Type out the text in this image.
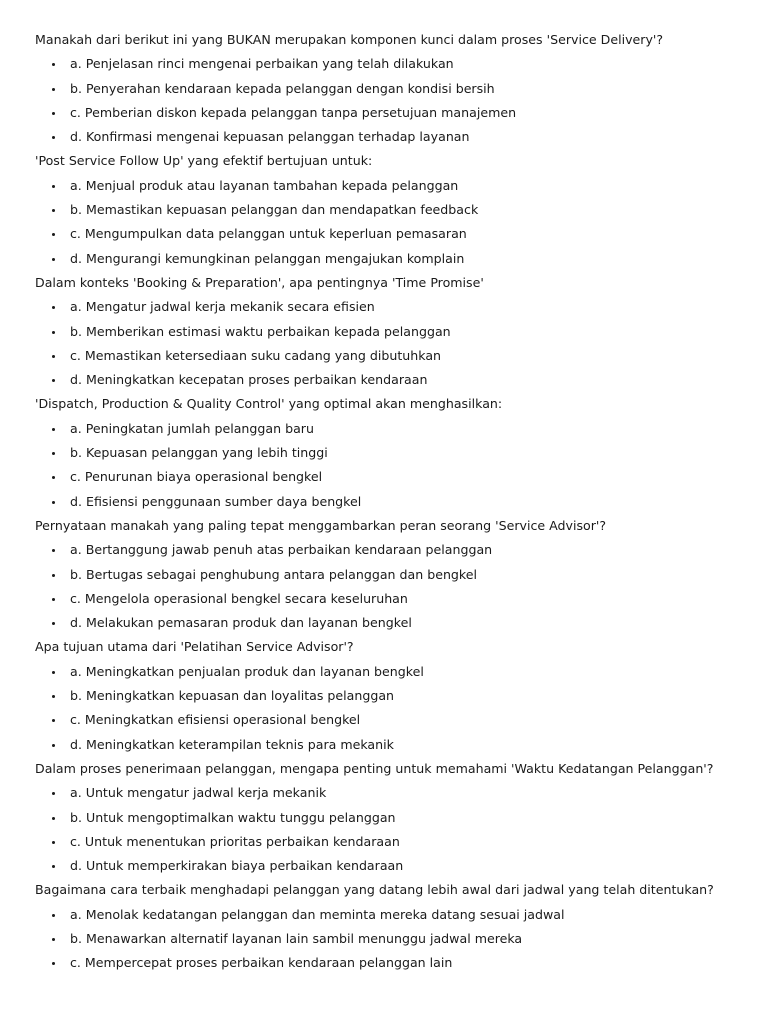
Manakah dari berikut ini yang BUKAN merupakan komponen kunci dalam proses 'Service Delivery'?
a. Penjelasan rinci mengenai perbaikan yang telah dilakukan
b. Penyerahan kendaraan kepada pelanggan dengan kondisi bersih
c. Pemberian diskon kepada pelanggan tanpa persetujuan manajemen
d. Konfirmasi mengenai kepuasan pelanggan terhadap layanan
'Post Service Follow Up' yang efektif bertujuan untuk:
a. Menjual produk atau layanan tambahan kepada pelanggan
b. Memastikan kepuasan pelanggan dan mendapatkan feedback
c. Mengumpulkan data pelanggan untuk keperluan pemasaran
d. Mengurangi kemungkinan pelanggan mengajukan komplain
Dalam konteks 'Booking & Preparation', apa pentingnya 'Time Promise'
a. Mengatur jadwal kerja mekanik secara efisien
b. Memberikan estimasi waktu perbaikan kepada pelanggan
c. Memastikan ketersediaan suku cadang yang dibutuhkan
d. Meningkatkan kecepatan proses perbaikan kendaraan
'Dispatch, Production & Quality Control' yang optimal akan menghasilkan:
a. Peningkatan jumlah pelanggan baru
b. Kepuasan pelanggan yang lebih tinggi
c. Penurunan biaya operasional bengkel
d. Efisiensi penggunaan sumber daya bengkel
Pernyataan manakah yang paling tepat menggambarkan peran seorang 'Service Advisor'?
a. Bertanggung jawab penuh atas perbaikan kendaraan pelanggan
b. Bertugas sebagai penghubung antara pelanggan dan bengkel
c. Mengelola operasional bengkel secara keseluruhan
d. Melakukan pemasaran produk dan layanan bengkel
Apa tujuan utama dari 'Pelatihan Service Advisor'?
a. Meningkatkan penjualan produk dan layanan bengkel
b. Meningkatkan kepuasan dan loyalitas pelanggan
c. Meningkatkan efisiensi operasional bengkel
d. Meningkatkan keterampilan teknis para mekanik
Dalam proses penerimaan pelanggan, mengapa penting untuk memahami 'Waktu Kedatangan Pelanggan'?
a. Untuk mengatur jadwal kerja mekanik
b. Untuk mengoptimalkan waktu tunggu pelanggan
c. Untuk menentukan prioritas perbaikan kendaraan
d. Untuk memperkirakan biaya perbaikan kendaraan
Bagaimana cara terbaik menghadapi pelanggan yang datang lebih awal dari jadwal yang telah ditentukan?
a. Menolak kedatangan pelanggan dan meminta mereka datang sesuai jadwal
b. Menawarkan alternatif layanan lain sambil menunggu jadwal mereka
c. Mempercepat proses perbaikan kendaraan pelanggan lain
